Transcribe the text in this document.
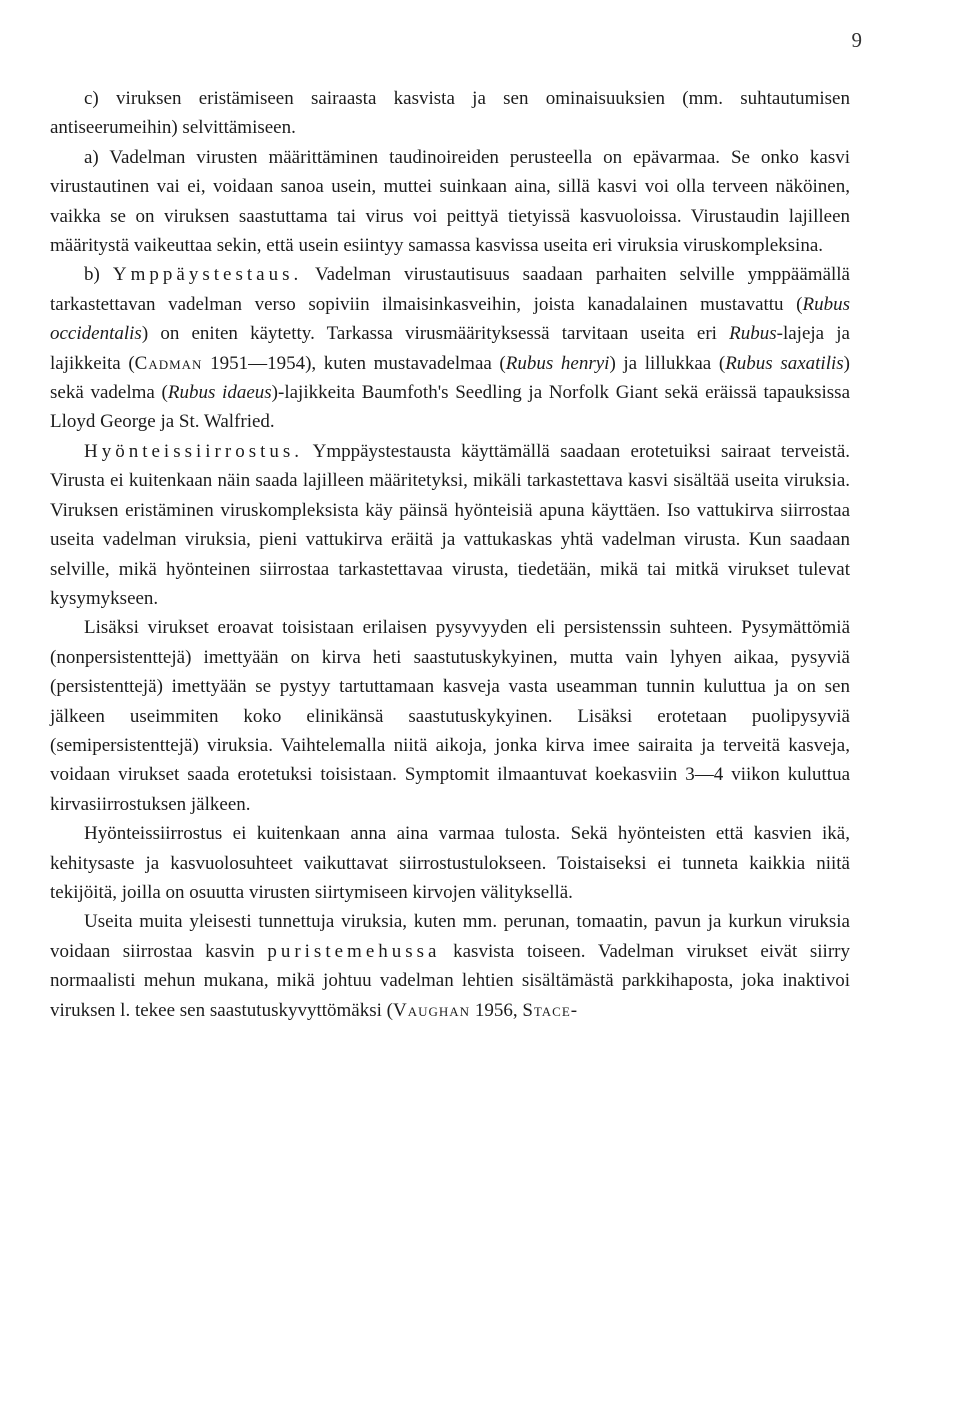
9

c) viruksen eristämiseen sairaasta kasvista ja sen ominaisuuksien (mm. suhtautumisen antiseerumeihin) selvittämiseen.

a) Vadelman virusten määrittäminen taudinoireiden perusteella on epävarmaa. Se onko kasvi virustautinen vai ei, voidaan sanoa usein, muttei suinkaan aina, sillä kasvi voi olla terveen näköinen, vaikka se on viruksen saastuttama tai virus voi peittyä tietyissä kasvuoloissa. Virustaudin lajilleen määritystä vaikeuttaa sekin, että usein esiintyy samassa kasvissa useita eri viruksia viruskompleksina.

b) Ymppäystestaus. Vadelman virustautisuus saadaan parhaiten selville ymppäämällä tarkastettavan vadelman verso sopiviin ilmaisinkasveihin, joista kanadalainen mustavattu (Rubus occidentalis) on eniten käytetty. Tarkassa virusmäärityksessä tarvitaan useita eri Rubus-lajeja ja lajikkeita (Cadman 1951—1954), kuten mustavadelmaa (Rubus henryi) ja lillukkaa (Rubus saxatilis) sekä vadelma (Rubus idaeus)-lajikkeita Baumfoth's Seedling ja Norfolk Giant sekä eräissä tapauksissa Lloyd George ja St. Walfried.

Hyönteissiirrostus. Ymppäystestausta käyttämällä saadaan erotetuiksi sairaat terveistä. Virusta ei kuitenkaan näin saada lajilleen määritetyksi, mikäli tarkastettava kasvi sisältää useita viruksia. Viruksen eristäminen viruskompleksista käy päinsä hyönteisiä apuna käyttäen. Iso vattukirva siirrostaa useita vadelman viruksia, pieni vattukirva eräitä ja vattukaskas yhtä vadelman virusta. Kun saadaan selville, mikä hyönteinen siirrostaa tarkastettavaa virusta, tiedetään, mikä tai mitkä virukset tulevat kysymykseen.

Lisäksi virukset eroavat toisistaan erilaisen pysyvyyden eli persistenssin suhteen. Pysymättömiä (nonpersistenttejä) imettyään on kirva heti saastutuskykyinen, mutta vain lyhyen aikaa, pysyviä (persistenttejä) imettyään se pystyy tartuttamaan kasveja vasta useamman tunnin kuluttua ja on sen jälkeen useimmiten koko elinikänsä saastutuskykyinen. Lisäksi erotetaan puolipysyviä (semipersistenttejä) viruksia. Vaihtelemalla niitä aikoja, jonka kirva imee sairaita ja terveitä kasveja, voidaan virukset saada erotetuksi toisistaan. Symptomit ilmaantuvat koekasviin 3—4 viikon kuluttua kirvasiirrostuksen jälkeen.

Hyönteissiirrostus ei kuitenkaan anna aina varmaa tulosta. Sekä hyönteisten että kasvien ikä, kehitysaste ja kasvuolosuhteet vaikuttavat siirrostustulokseen. Toistaiseksi ei tunneta kaikkia niitä tekijöitä, joilla on osuutta virusten siirtymiseen kirvojen välityksellä.

Useita muita yleisesti tunnettuja viruksia, kuten mm. perunan, tomaatin, pavun ja kurkun viruksia voidaan siirrostaa kasvin puristemehussa kasvista toiseen. Vadelman virukset eivät siirry normaalisti mehun mukana, mikä johtuu vadelman lehtien sisältämästä parkkihaposta, joka inaktivoi viruksen l. tekee sen saastutuskyvyttömäksi (Vaughan 1956, Stace-
